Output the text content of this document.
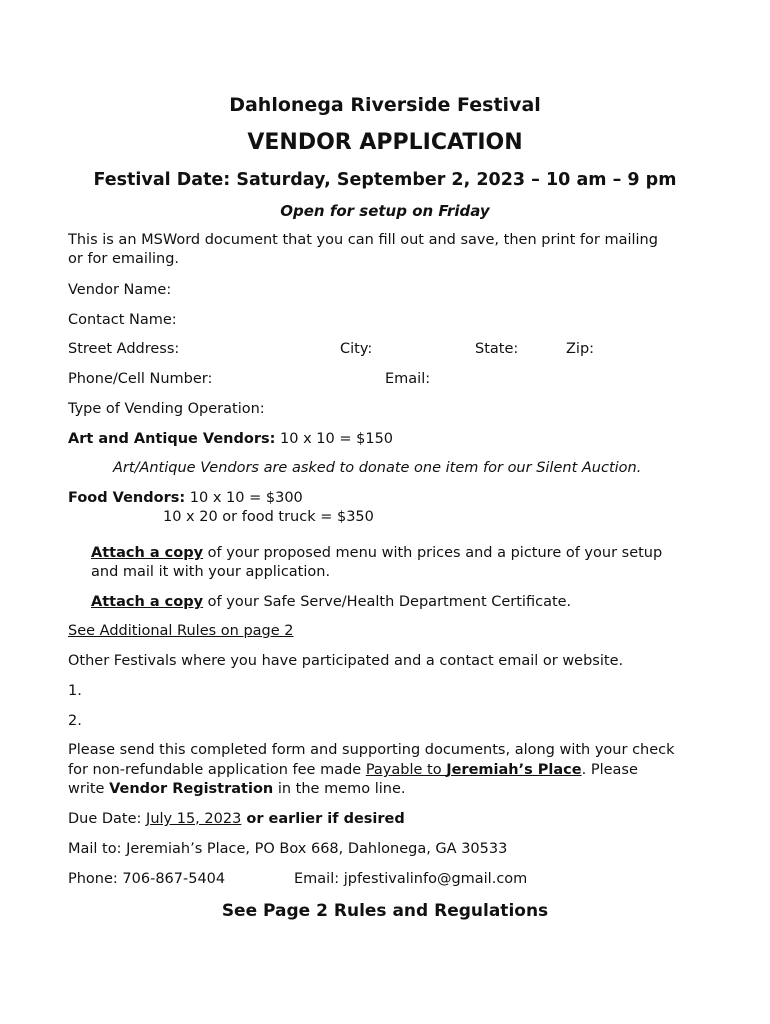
Dahlonega Riverside Festival
VENDOR APPLICATION
Festival Date: Saturday, September 2, 2023 – 10 am – 9 pm
Open for setup on Friday
This is an MSWord document that you can fill out and save, then print for mailing
or for emailing.
Vendor Name:
Contact Name:
Street Address:	City:	State:	Zip:
Phone/Cell Number:	Email:
Type of Vending Operation:
Art and Antique Vendors: 10 x 10 = $150
Art/Antique Vendors are asked to donate one item for our Silent Auction.
Food Vendors: 10 x 10 = $300
10 x 20 or food truck = $350
Attach a copy of your proposed menu with prices and a picture of your setup
and mail it with your application.
Attach a copy of your Safe Serve/Health Department Certificate.
See Additional Rules on page 2
Other Festivals where you have participated and a contact email or website.
1.
2.
Please send this completed form and supporting documents, along with your check
for non-refundable application fee made Payable to Jeremiah’s Place. Please
write Vendor Registration in the memo line.
Due Date: July 15, 2023 or earlier if desired
Mail to: Jeremiah’s Place, PO Box 668, Dahlonega, GA 30533
Phone: 706-867-5404	Email: jpfestivalinfo@gmail.com
See Page 2 Rules and Regulations
